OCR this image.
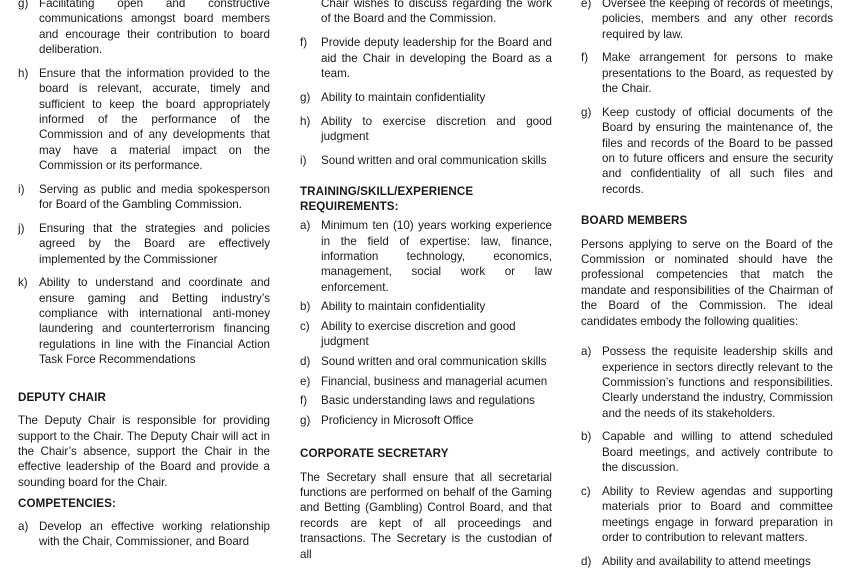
g) Facilitating open and constructive communications amongst board members and encourage their contribution to board deliberation.
h) Ensure that the information provided to the board is relevant, accurate, timely and sufficient to keep the board appropriately informed of the performance of the Commission and of any developments that may have a material impact on the Commission or its performance.
i) Serving as public and media spokesperson for Board of the Gambling Commission.
j) Ensuring that the strategies and policies agreed by the Board are effectively implemented by the Commissioner
k) Ability to understand and coordinate and ensure gaming and Betting industry’s compliance with international anti-money laundering and counterterrorism financing regulations in line with the Financial Action Task Force Recommendations
DEPUTY CHAIR
The Deputy Chair is responsible for providing support to the Chair. The Deputy Chair will act in the Chair’s absence, support the Chair in the effective leadership of the Board and provide a sounding board for the Chair.
COMPETENCIES:
a) Develop an effective working relationship with the Chair, Commissioner, and Board
Chair wishes to discuss regarding the work of the Board and the Commission.
f) Provide deputy leadership for the Board and aid the Chair in developing the Board as a team.
g) Ability to maintain confidentiality
h) Ability to exercise discretion and good judgment
i) Sound written and oral communication skills
TRAINING/SKILL/EXPERIENCE REQUIREMENTS:
a) Minimum ten (10) years working experience in the field of expertise: law, finance, information technology, economics, management, social work or law enforcement.
b) Ability to maintain confidentiality
c) Ability to exercise discretion and good judgment
d) Sound written and oral communication skills
e) Financial, business and managerial acumen
f) Basic understanding laws and regulations
g) Proficiency in Microsoft Office
CORPORATE SECRETARY
The Secretary shall ensure that all secretarial functions are performed on behalf of the Gaming and Betting (Gambling) Control Board, and that records are kept of all proceedings and transactions. The Secretary is the custodian of all
e) Oversee the keeping of records of meetings, policies, members and any other records required by law.
f) Make arrangement for persons to make presentations to the Board, as requested by the Chair.
g) Keep custody of official documents of the Board by ensuring the maintenance of, the files and records of the Board to be passed on to future officers and ensure the security and confidentiality of all such files and records.
BOARD MEMBERS
Persons applying to serve on the Board of the Commission or nominated should have the professional competencies that match the mandate and responsibilities of the Chairman of the Board of the Commission. The ideal candidates embody the following qualities:
a) Possess the requisite leadership skills and experience in sectors directly relevant to the Commission’s functions and responsibilities. Clearly understand the industry, Commission and the needs of its stakeholders.
b) Capable and willing to attend scheduled Board meetings, and actively contribute to the discussion.
c) Ability to Review agendas and supporting materials prior to Board and committee meetings engage in forward preparation in order to contribution to relevant matters.
d) Ability and availability to attend meetings
